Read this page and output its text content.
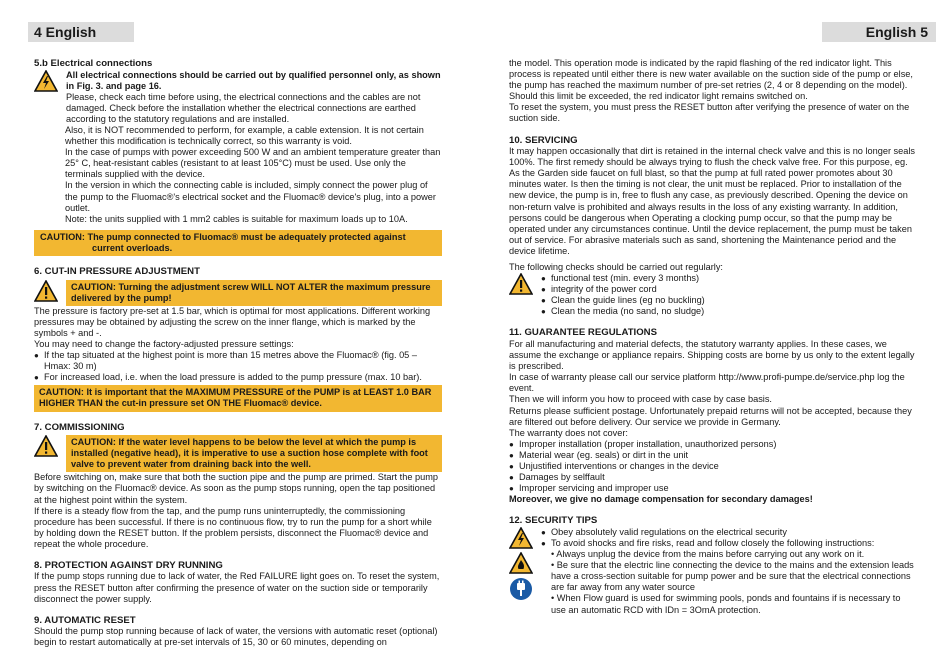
4 English	English 5
5.b Electrical connections

All electrical connections should be carried out by qualified personnel only, as shown in Fig. 3. and page 16.

Please, check each time before using, the electrical connections and the cables are not damaged. Check before the installation whether the electrical connections are earthed according to the statutory regulations and are installed.

Also, it is NOT recommended to perform, for example, a cable extension. It is not certain whether this modification is technically correct, so this warranty is void.

In the case of pumps with power exceeding 500 W and an ambient temperature greater than 25° C, heat-resistant cables (resistant to at least 105°C) must be used. Use only the terminals supplied with the device.

In the version in which the connecting cable is included, simply connect the power plug of the pump to the Fluomac®'s electrical socket and the Fluomac® device's plug, into a power outlet.

Note: the units supplied with 1 mm2 cables is suitable for maximum loads up to 10A.

CAUTION: The pump connected to Fluomac® must be adequately protected against current overloads.

6. CUT-IN PRESSURE ADJUSTMENT

CAUTION: Turning the adjustment screw WILL NOT ALTER the maximum pressure delivered by the pump!

The pressure is factory pre-set at 1.5 bar, which is optimal for most applications. Different working pressures may be obtained by adjusting the screw on the inner flange, which is marked by the symbols + and -.

You may need to change the factory-adjusted pressure settings:

● If the tap situated at the highest point is more than 15 metres above the Fluomac® (fig. 05 – Hmax: 30 m)
● For increased load, i.e. when the load pressure is added to the pump pressure (max. 10 bar).

CAUTION: It is important that the MAXIMUM PRESSURE of the PUMP is at LEAST 1.0 BAR HIGHER THAN the cut-in pressure set ON THE Fluomac® device.

7. COMMISSIONING

CAUTION: If the water level happens to be below the level at which the pump is installed (negative head), it is imperative to use a suction hose complete with foot valve to prevent water from draining back into the well.

Before switching on, make sure that both the suction pipe and the pump are primed. Start the pump by switching on the Fluomac® device. As soon as the pump stops running, open the tap positioned at the highest point within the system.

If there is a steady flow from the tap, and the pump runs uninterruptedly, the commissioning procedure has been successful. If there is no continuous flow, try to run the pump for a short while by holding down the RESET button. If the problem persists, disconnect the Fluomac® device and repeat the whole procedure.

8. PROTECTION AGAINST DRY RUNNING

If the pump stops running due to lack of water, the Red FAILURE light goes on. To reset the system, press the RESET button after confirming the presence of water on the suction side or temporarily disconnect the power supply.

9. AUTOMATIC RESET

Should the pump stop running because of lack of water, the versions with automatic reset (optional) begin to restart automatically at pre-set intervals of 15, 30 or 60 minutes, depending on

the model. This operation mode is indicated by the rapid flashing of the red indicator light. This process is repeated until either there is new water available on the suction side of the pump or else, the pump has reached the maximum number of pre-set retries (2, 4 or 8 depending on the model). Should this limit be exceeded, the red indicator light remains switched on.

To reset the system, you must press the RESET button after verifying the presence of water on the suction side.

10. SERVICING

It may happen occasionally that dirt is retained in the internal check valve and this is no longer seals 100%. The first remedy should be always trying to flush the check valve free. For this purpose, eg. As the Garden side faucet on full blast, so that the pump at full rated power promotes about 30 minutes water. Is then the timing is not clear, the unit must be replaced. Prior to installation of the new device, the pump is in, free to flush any case, as previously described. Opening the device on non-return valve is prohibited and always results in the loss of any existing warranty. In addition, persons could be dangerous when Operating a clocking pump occur, so that the pump may be operated under any circumstances continue. Until the device replacement, the pump must be taken out of service. For abrasive materials such as sand, shortening the Maintenance period and the device lifetime.

The following checks should be carried out regularly:

● functional test (min. every 3 months)
● integrity of the power cord
● Clean the guide lines (eg no buckling)
● Clean the media (no sand, no sludge)
11. GUARANTEE REGULATIONS

For all manufacturing and material defects, the statutory warranty applies. In these cases, we assume the exchange or appliance repairs. Shipping costs are borne by us only to the extent legally is prescribed.

In case of warranty please call our service platform http://www.profi-pumpe.de/service.php log the event.

Then we will inform you how to proceed with case by case basis.

Returns please sufficient postage. Unfortunately prepaid returns will not be accepted, because they are filtered out before delivery. Our service we provide in Germany.

The warranty does not cover:

● Improper installation (proper installation, unauthorized persons)
● Material wear (eg. seals) or dirt in the unit
● Unjustified interventions or changes in the device
● Damages by selffault
● Improper servicing and improper use

Moreover, we give no damage compensation for secondary damages!

12. SECURITY TIPS
● Obey absolutely valid regulations on the electrical security
● To avoid shocks and fire risks, read and follow closely the following instructions:
• Always unplug the device from the mains before carrying out any work on it.
• Be sure that the electric line connecting the device to the mains and the extension leads have a cross-section suitable for pump power and be sure that the electrical connections are far away from any water source
• When Flow guard is used for swimming pools, ponds and fountains if is necessary to use an automatic RCD with IDn = 3OmA protection.
